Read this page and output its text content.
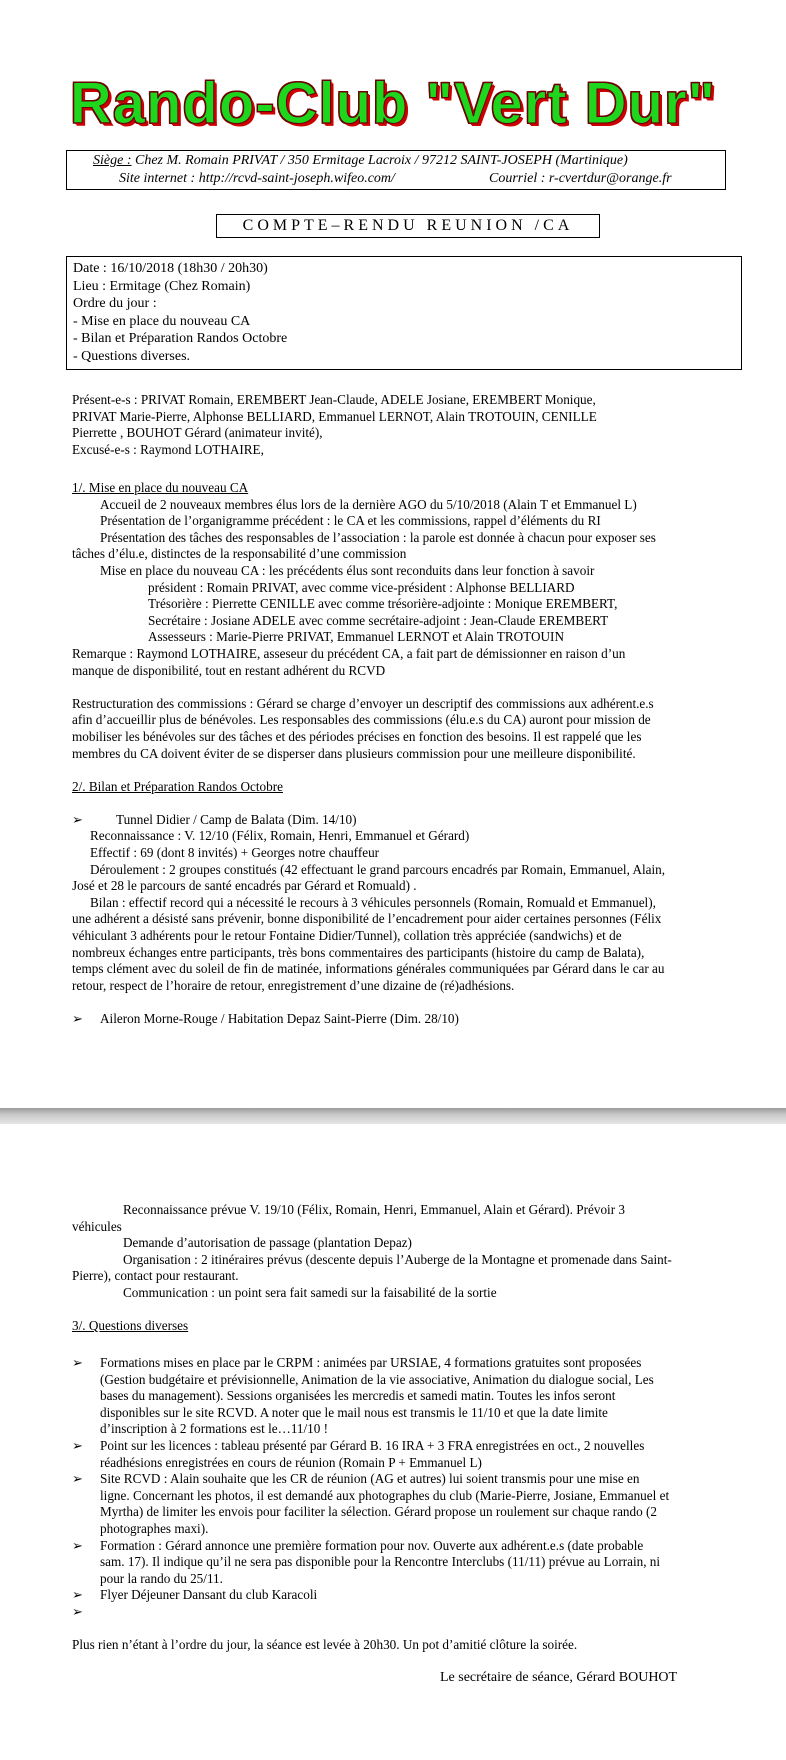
Rando-Club "Vert Dur"
Siège : Chez M. Romain PRIVAT / 350 Ermitage Lacroix / 97212 SAINT-JOSEPH (Martinique)
Site internet : http://rcvd-saint-joseph.wifeo.com/	Courriel : r-cvertdur@orange.fr
COMPTE–RENDU REUNION /CA
Date : 16/10/2018 (18h30 / 20h30)
Lieu : Ermitage (Chez Romain)
Ordre du jour :
- Mise en place du nouveau CA
- Bilan et Préparation Randos Octobre
- Questions diverses.
Présent-e-s : PRIVAT Romain, EREMBERT Jean-Claude, ADELE Josiane, EREMBERT Monique,
PRIVAT Marie-Pierre, Alphonse BELLIARD, Emmanuel LERNOT, Alain TROTOUIN, CENILLE
Pierrette , BOUHOT Gérard (animateur invité),
Excusé-e-s : Raymond LOTHAIRE,
1/. Mise en place du nouveau CA
Accueil de 2 nouveaux membres élus lors de la dernière AGO du 5/10/2018 (Alain T et Emmanuel L)
Présentation de l’organigramme précédent : le CA et les commissions, rappel d’éléments du RI
Présentation des tâches des responsables de l’association : la parole est donnée à chacun pour exposer ses
tâches d’élu.e, distinctes de la responsabilité d’une commission
Mise en place du nouveau CA : les précédents élus sont reconduits dans leur fonction à savoir
président : Romain PRIVAT, avec comme vice-président : Alphonse BELLIARD
Trésorière : Pierrette CENILLE avec comme trésorière-adjointe : Monique EREMBERT,
Secrétaire : Josiane ADELE avec comme secrétaire-adjoint : Jean-Claude EREMBERT
Assesseurs : Marie-Pierre PRIVAT, Emmanuel LERNOT et Alain TROTOUIN
Remarque : Raymond LOTHAIRE, asseseur du précédent CA, a fait part de démissionner en raison d’un
manque de disponibilité, tout en restant adhérent du RCVD
Restructuration des commissions : Gérard se charge d’envoyer un descriptif des commissions aux adhérent.e.s
afin d’accueillir plus de bénévoles. Les responsables des commissions (élu.e.s du CA) auront pour mission de
mobiliser les bénévoles sur des tâches et des périodes précises en fonction des besoins. Il est rappelé que les
membres du CA doivent éviter de se disperser dans plusieurs commission pour une meilleure disponibilité.
2/. Bilan et Préparation Randos Octobre
➢ Tunnel Didier / Camp de Balata (Dim. 14/10)
Reconnaissance : V. 12/10 (Félix, Romain, Henri, Emmanuel et Gérard)
Effectif : 69 (dont 8 invités) + Georges notre chauffeur
Déroulement : 2 groupes constitués (42 effectuant le grand parcours encadrés par Romain, Emmanuel, Alain,
José et 28 le parcours de santé encadrés par Gérard et Romuald) .
Bilan : effectif record qui a nécessité le recours à 3 véhicules personnels (Romain, Romuald et Emmanuel),
une adhérent a désisté sans prévenir, bonne disponibilité de l’encadrement pour aider certaines personnes (Félix
véhiculant 3 adhérents pour le retour Fontaine Didier/Tunnel), collation très appréciée (sandwichs) et de
nombreux échanges entre participants, très bons commentaires des participants (histoire du camp de Balata),
temps clément avec du soleil de fin de matinée, informations générales communiquées par Gérard dans le car au
retour, respect de l’horaire de retour, enregistrement d’une dizaine de (ré)adhésions.
➢ Aileron Morne-Rouge / Habitation Depaz Saint-Pierre (Dim. 28/10)
Reconnaissance prévue V. 19/10 (Félix, Romain, Henri, Emmanuel, Alain et Gérard). Prévoir 3
véhicules
Demande d’autorisation de passage (plantation Depaz)
Organisation : 2 itinéraires prévus (descente depuis l’Auberge de la Montagne et promenade dans Saint-
Pierre), contact pour restaurant.
Communication : un point sera fait samedi sur la faisabilité de la sortie
3/. Questions diverses
➢ Formations mises en place par le CRPM : animées par URSIAE, 4 formations gratuites sont proposées
(Gestion budgétaire et prévisionnelle, Animation de la vie associative, Animation du dialogue social, Les
bases du management). Sessions organisées les mercredis et samedi matin. Toutes les infos seront
disponibles sur le site RCVD. A noter que le mail nous est transmis le 11/10 et que la date limite
d’inscription à 2 formations est le…11/10 !
➢ Point sur les licences : tableau présenté par Gérard B. 16 IRA + 3 FRA enregistrées en oct., 2 nouvelles
réadhésions enregistrées en cours de réunion (Romain P + Emmanuel L)
➢ Site RCVD : Alain souhaite que les CR de réunion (AG et autres) lui soient transmis pour une mise en
ligne. Concernant les photos, il est demandé aux photographes du club (Marie-Pierre, Josiane, Emmanuel et
Myrtha) de limiter les envois pour faciliter la sélection. Gérard propose un roulement sur chaque rando (2
photographes maxi).
➢ Formation : Gérard annonce une première formation pour nov. Ouverte aux adhérent.e.s (date probable
sam. 17). Il indique qu’il ne sera pas disponible pour la Rencontre Interclubs (11/11) prévue au Lorrain, ni
pour la rando du 25/11.
➢ Flyer Déjeuner Dansant du club Karacoli
➢
Plus rien n’étant à l’ordre du jour, la séance est levée à 20h30. Un pot d’amitié clôture la soirée.
Le secrétaire de séance, Gérard BOUHOT
